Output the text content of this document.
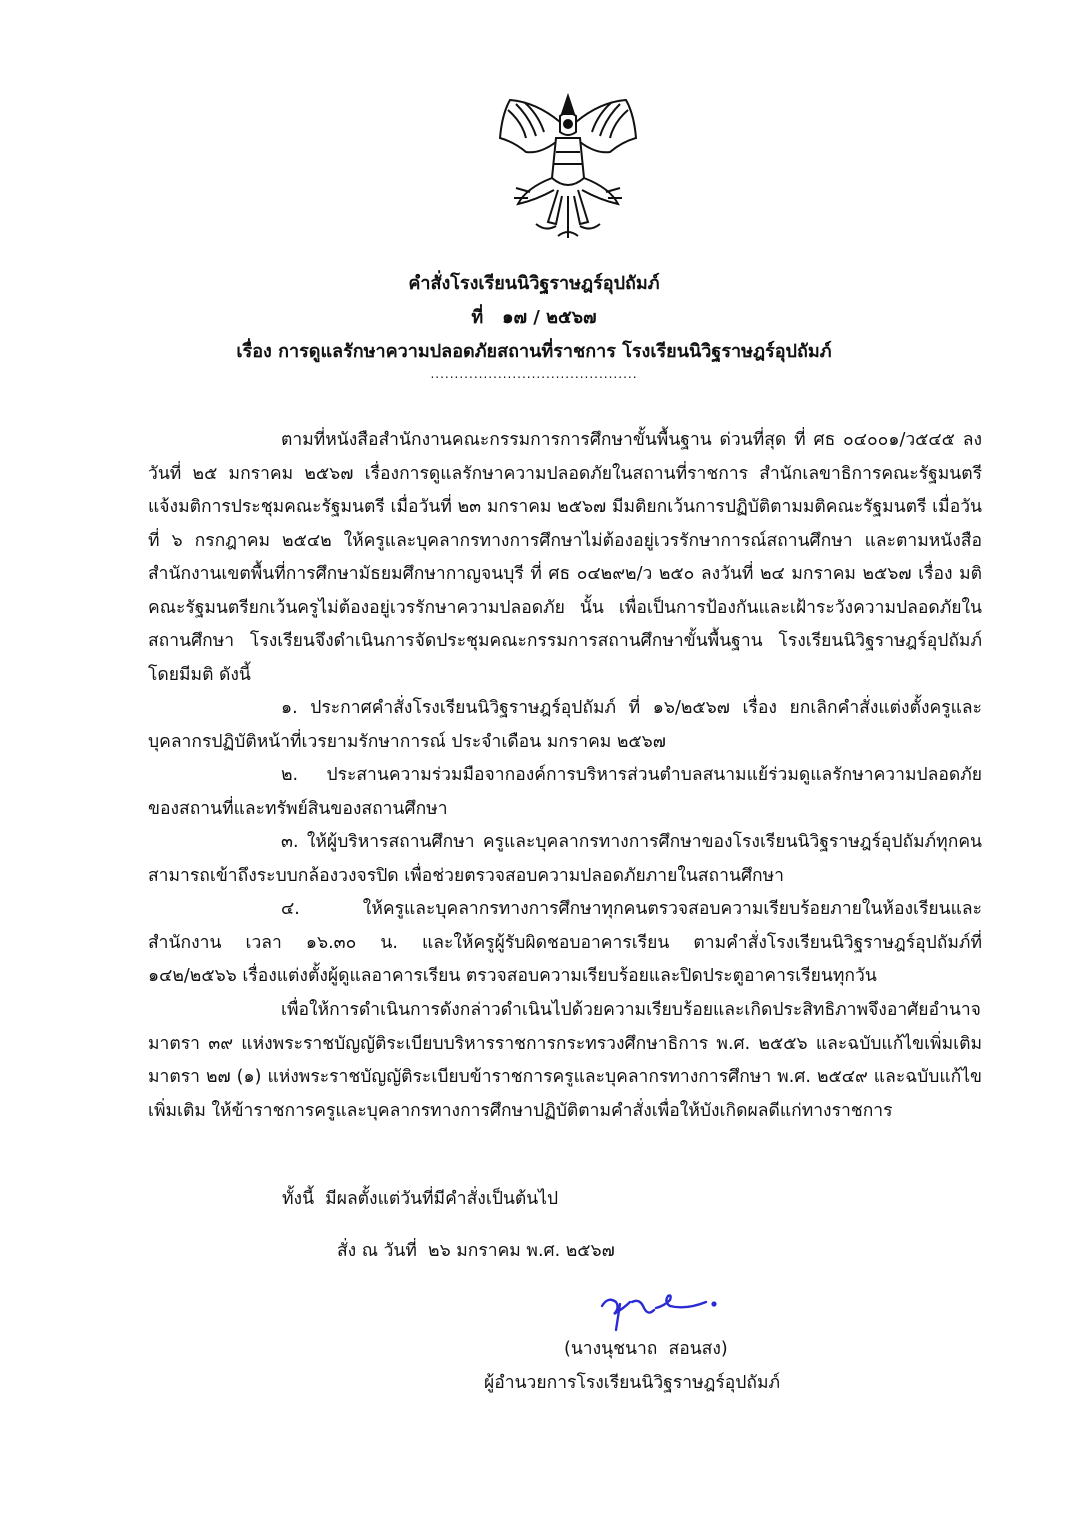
คำสั่งโรงเรียนนิวิฐราษฎร์อุปถัมภ์
ที่   ๑๗ / ๒๕๖๗
เรื่อง การดูแลรักษาความปลอดภัยสถานที่ราชการ โรงเรียนนิวิฐราษฎร์อุปถัมภ์
...........................................

ตามที่หนังสือสำนักงานคณะกรรมการการศึกษาขั้นพื้นฐาน ด่วนที่สุด ที่ ศธ ๐๔๐๐๑/ว๕๔๕ ลงวันที่ ๒๕ มกราคม ๒๕๖๗ เรื่องการดูแลรักษาความปลอดภัยในสถานที่ราชการ สำนักเลขาธิการคณะรัฐมนตรี แจ้งมติการประชุมคณะรัฐมนตรี เมื่อวันที่ ๒๓ มกราคม ๒๕๖๗ มีมติยกเว้นการปฏิบัติตามมติคณะรัฐมนตรี เมื่อวันที่ ๖ กรกฎาคม ๒๕๔๒ ให้ครูและบุคลากรทางการศึกษาไม่ต้องอยู่เวรรักษาการณ์สถานศึกษา และตามหนังสือสำนักงานเขตพื้นที่การศึกษามัธยมศึกษากาญจนบุรี ที่ ศธ ๐๔๒๙๒/ว ๒๕๐ ลงวันที่ ๒๔ มกราคม ๒๕๖๗ เรื่อง มติคณะรัฐมนตรียกเว้นครูไม่ต้องอยู่เวรรักษาความปลอดภัย นั้น เพื่อเป็นการป้องกันและเฝ้าระวังความปลอดภัยในสถานศึกษา โรงเรียนจึงดำเนินการจัดประชุมคณะกรรมการสถานศึกษาขั้นพื้นฐาน โรงเรียนนิวิฐราษฎร์อุปถัมภ์ โดยมีมติ ดังนี้

๑. ประกาศคำสั่งโรงเรียนนิวิฐราษฎร์อุปถัมภ์ ที่ ๑๖/๒๕๖๗ เรื่อง ยกเลิกคำสั่งแต่งตั้งครูและบุคลากรปฏิบัติหน้าที่เวรยามรักษาการณ์ ประจำเดือน มกราคม ๒๕๖๗

๒. ประสานความร่วมมือจากองค์การบริหารส่วนตำบลสนามแย้ร่วมดูแลรักษาความปลอดภัยของสถานที่และทรัพย์สินของสถานศึกษา

๓. ให้ผู้บริหารสถานศึกษา ครูและบุคลากรทางการศึกษาของโรงเรียนนิวิฐราษฎร์อุปถัมภ์ทุกคนสามารถเข้าถึงระบบกล้องวงจรปิด เพื่อช่วยตรวจสอบความปลอดภัยภายในสถานศึกษา

๔. ให้ครูและบุคลากรทางการศึกษาทุกคนตรวจสอบความเรียบร้อยภายในห้องเรียนและสำนักงาน เวลา ๑๖.๓๐ น. และให้ครูผู้รับผิดชอบอาคารเรียน ตามคำสั่งโรงเรียนนิวิฐราษฎร์อุปถัมภ์ที่ ๑๔๒/๒๕๖๖ เรื่องแต่งตั้งผู้ดูแลอาคารเรียน ตรวจสอบความเรียบร้อยและปิดประตูอาคารเรียนทุกวัน

เพื่อให้การดำเนินการดังกล่าวดำเนินไปด้วยความเรียบร้อยและเกิดประสิทธิภาพจึงอาศัยอำนาจมาตรา ๓๙ แห่งพระราชบัญญัติระเบียบบริหารราชการกระทรวงศึกษาธิการ พ.ศ. ๒๕๕๖ และฉบับแก้ไขเพิ่มเติม มาตรา ๒๗ (๑) แห่งพระราชบัญญัติระเบียบข้าราชการครูและบุคลากรทางการศึกษา พ.ศ. ๒๕๔๙ และฉบับแก้ไขเพิ่มเติม ให้ข้าราชการครูและบุคลากรทางการศึกษาปฏิบัติตามคำสั่งเพื่อให้บังเกิดผลดีแก่ทางราชการ

ทั้งนี้  มีผลตั้งแต่วันที่มีคำสั่งเป็นต้นไป
สั่ง ณ วันที่  ๒๖ มกราคม พ.ศ. ๒๕๖๗
(นางนุชนาถ  สอนสง)
ผู้อำนวยการโรงเรียนนิวิฐราษฎร์อุปถัมภ์
